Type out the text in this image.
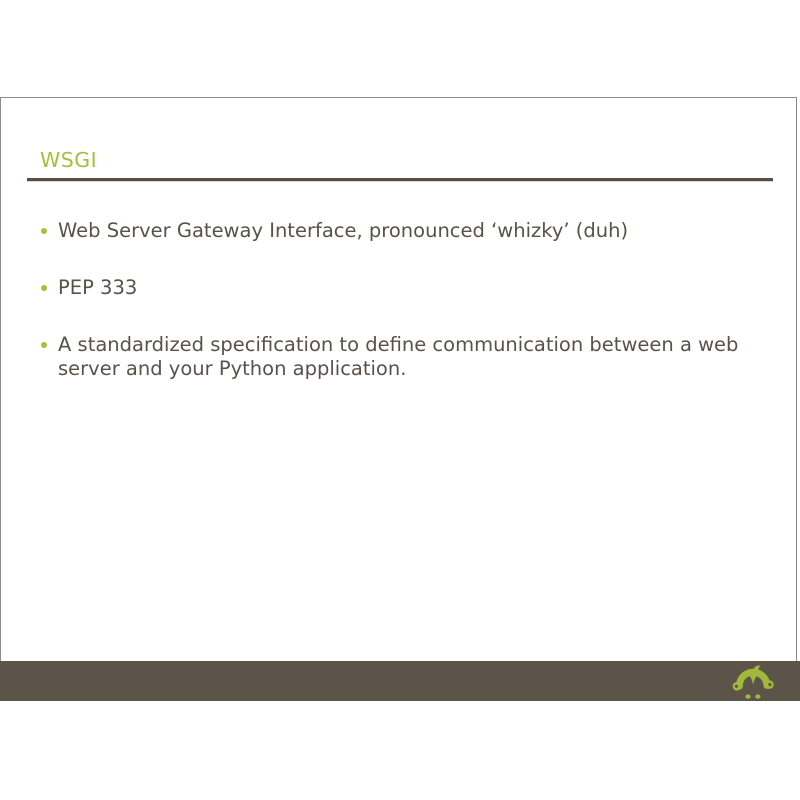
WSGI
Web Server Gateway Interface, pronounced ‘whizky’ (duh)
PEP 333
A standardized specification to define communication between a web server and your Python application.
